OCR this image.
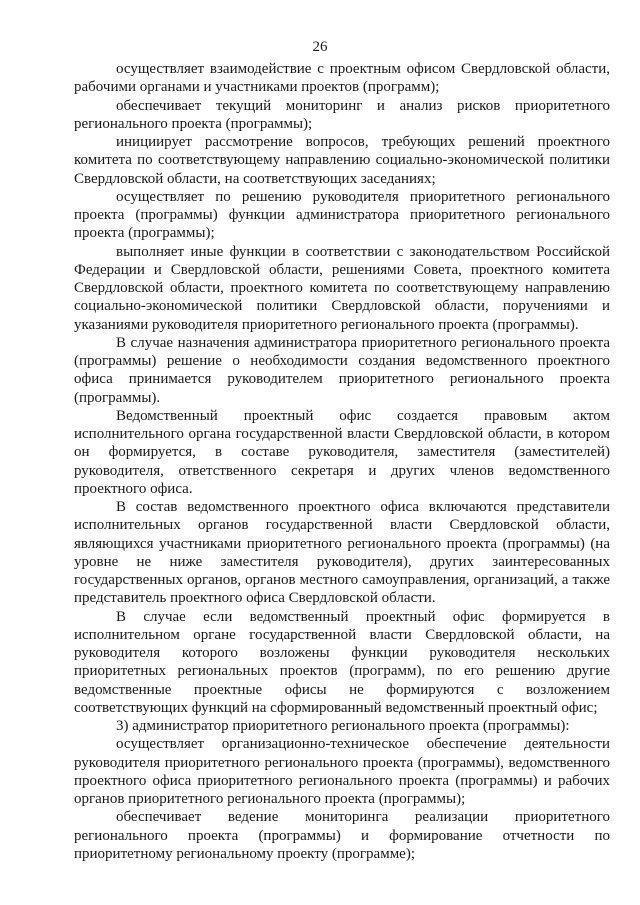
26

осуществляет взаимодействие с проектным офисом Свердловской области, рабочими органами и участниками проектов (программ);

обеспечивает текущий мониторинг и анализ рисков приоритетного регионального проекта (программы);

инициирует рассмотрение вопросов, требующих решений проектного комитета по соответствующему направлению социально-экономической политики Свердловской области, на соответствующих заседаниях;

осуществляет по решению руководителя приоритетного регионального проекта (программы) функции администратора приоритетного регионального проекта (программы);

выполняет иные функции в соответствии с законодательством Российской Федерации и Свердловской области, решениями Совета, проектного комитета Свердловской области, проектного комитета по соответствующему направлению социально-экономической политики Свердловской области, поручениями и указаниями руководителя приоритетного регионального проекта (программы).

В случае назначения администратора приоритетного регионального проекта (программы) решение о необходимости создания ведомственного проектного офиса принимается руководителем приоритетного регионального проекта (программы).

Ведомственный проектный офис создается правовым актом исполнительного органа государственной власти Свердловской области, в котором он формируется, в составе руководителя, заместителя (заместителей) руководителя, ответственного секретаря и других членов ведомственного проектного офиса.

В состав ведомственного проектного офиса включаются представители исполнительных органов государственной власти Свердловской области, являющихся участниками приоритетного регионального проекта (программы) (на уровне не ниже заместителя руководителя), других заинтересованных государственных органов, органов местного самоуправления, организаций, а также представитель проектного офиса Свердловской области.

В случае если ведомственный проектный офис формируется в исполнительном органе государственной власти Свердловской области, на руководителя которого возложены функции руководителя нескольких приоритетных региональных проектов (программ), по его решению другие ведомственные проектные офисы не формируются с возложением соответствующих функций на сформированный ведомственный проектный офис;

3) администратор приоритетного регионального проекта (программы):

осуществляет организационно-техническое обеспечение деятельности руководителя приоритетного регионального проекта (программы), ведомственного проектного офиса приоритетного регионального проекта (программы) и рабочих органов приоритетного регионального проекта (программы);

обеспечивает ведение мониторинга реализации приоритетного регионального проекта (программы) и формирование отчетности по приоритетному региональному проекту (программе);
